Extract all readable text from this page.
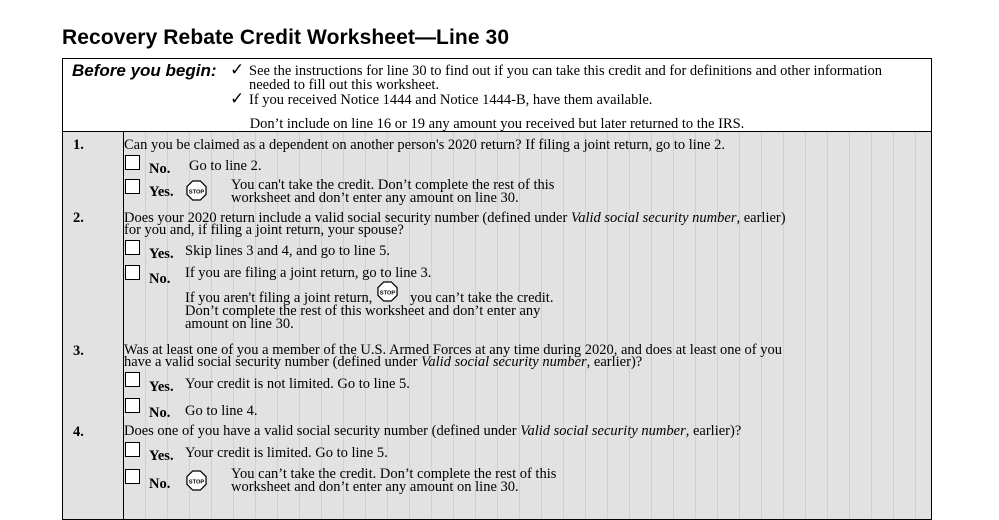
Recovery Rebate Credit Worksheet—Line 30
Before you begin: ✓ See the instructions for line 30 to find out if you can take this credit and for definitions and other information
needed to fill out this worksheet.
✓ If you received Notice 1444 and Notice 1444-B, have them available.
Don’t include on line 16 or 19 any amount you received but later returned to the IRS.
1.	Can you be claimed as a dependent on another person's 2020 return? If filing a joint return, go to line 2.
No. Go to line 2.
Yes.	STOP You can't take the credit. Don’t complete the rest of this
worksheet and don’t enter any amount on line 30.
2.	Does your 2020 return include a valid social security number (defined under Valid social security number, earlier)
for you and, if filing a joint return, your spouse?
Yes. Skip lines 3 and 4, and go to line 5.
No. If you are filing a joint return, go to line 3.
If you aren't filing a joint return, STOP you can’t take the credit.
Don’t complete the rest of this worksheet and don’t enter any
amount on line 30.
3.	Was at least one of you a member of the U.S. Armed Forces at any time during 2020, and does at least one of you
have a valid social security number (defined under Valid social security number, earlier)?
Yes. Your credit is not limited. Go to line 5.
No. Go to line 4.
4.	Does one of you have a valid social security number (defined under Valid social security number, earlier)?
Yes. Your credit is limited. Go to line 5.
No.	STOP
You can’t take the credit. Don’t complete the rest of this
worksheet and don’t enter any amount on line 30.
